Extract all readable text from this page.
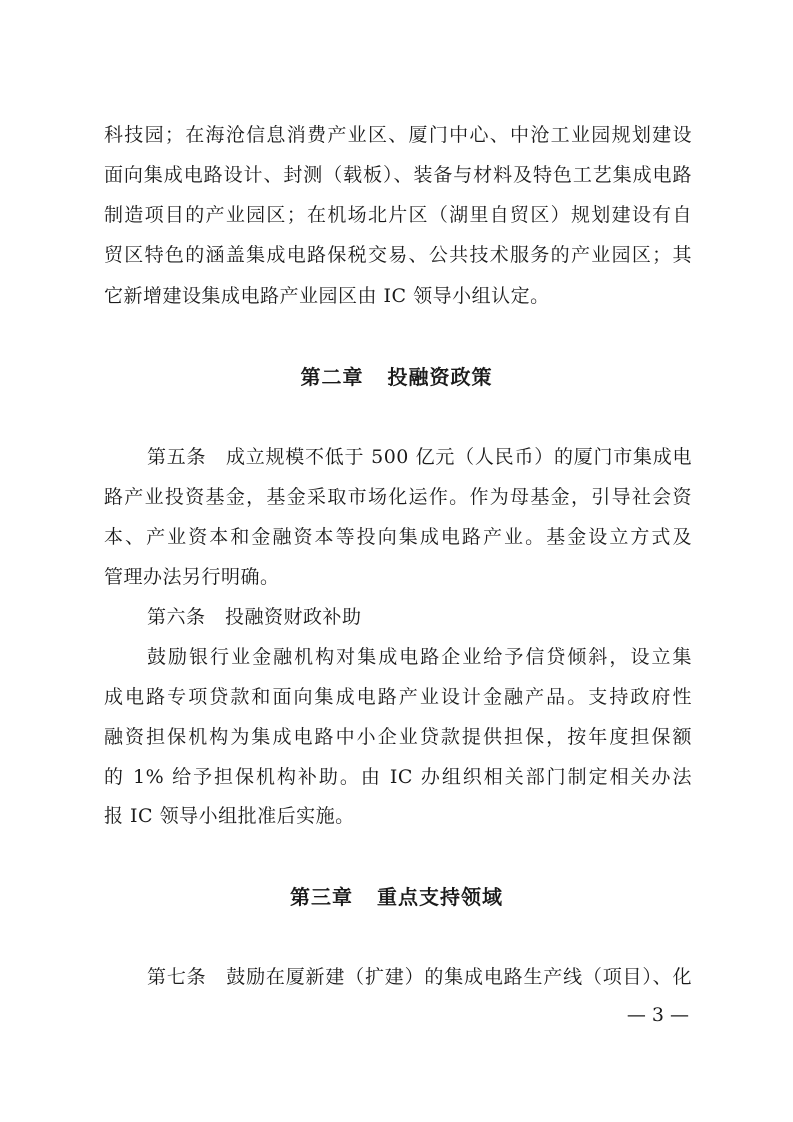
科技园；在海沧信息消费产业区、厦门中心、中沧工业园规划建设
面向集成电路设计、封测（载板）、装备与材料及特色工艺集成电路
制造项目的产业园区；在机场北片区（湖里自贸区）规划建设有自
贸区特色的涵盖集成电路保税交易、公共技术服务的产业园区；其
它新增建设集成电路产业园区由 IC 领导小组认定。
第二章 投融资政策
第五条　成立规模不低于 500 亿元（人民币）的厦门市集成电
路产业投资基金，基金采取市场化运作。作为母基金，引导社会资
本、产业资本和金融资本等投向集成电路产业。基金设立方式及
管理办法另行明确。
第六条　投融资财政补助
鼓励银行业金融机构对集成电路企业给予信贷倾斜，设立集
成电路专项贷款和面向集成电路产业设计金融产品。支持政府性
融资担保机构为集成电路中小企业贷款提供担保，按年度担保额
的 1% 给予担保机构补助。由 IC 办组织相关部门制定相关办法
报 IC 领导小组批准后实施。
第三章 重点支持领域
第七条　鼓励在厦新建（扩建）的集成电路生产线（项目）、化
— 3 —
